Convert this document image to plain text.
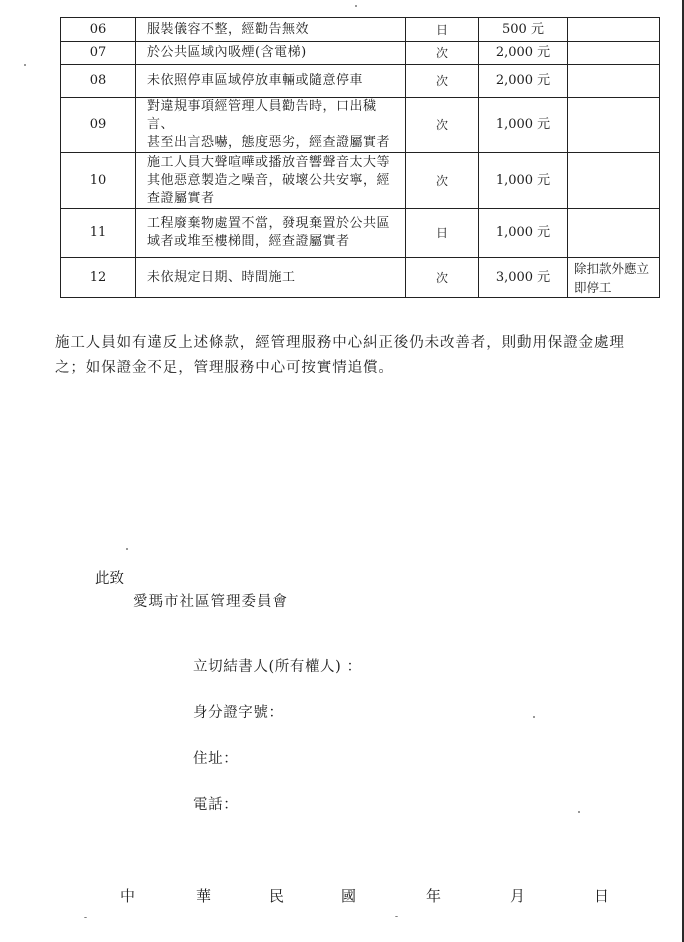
06	服裝儀容不整，經勸告無效	日	500 元	
07	於公共區域內吸煙(含電梯)	次	2,000 元	
08	未依照停車區域停放車輛或隨意停車	次	2,000 元	
09	對違規事項經管理人員勸告時，口出穢言、
甚至出言恐嚇，態度惡劣，經查證屬實者	次	1,000 元	
10	施工人員大聲喧嘩或播放音響聲音太大等
其他惡意製造之噪音，破壞公共安寧，經
查證屬實者	次	1,000 元	
11	工程廢棄物處置不當，發現棄置於公共區
域者或堆至樓梯間，經查證屬實者	日	1,000 元	
12	未依規定日期、時間施工	次	3,000 元	除扣款外應立
即停工
施工人員如有違反上述條款，經管理服務中心糾正後仍未改善者，則動用保證金處理
之；如保證金不足，管理服務中心可按實情追償。
此致
愛瑪市社區管理委員會
立切結書人(所有權人) ：
身分證字號：
住址：
電話：
中	華	民	國	年	月	日
